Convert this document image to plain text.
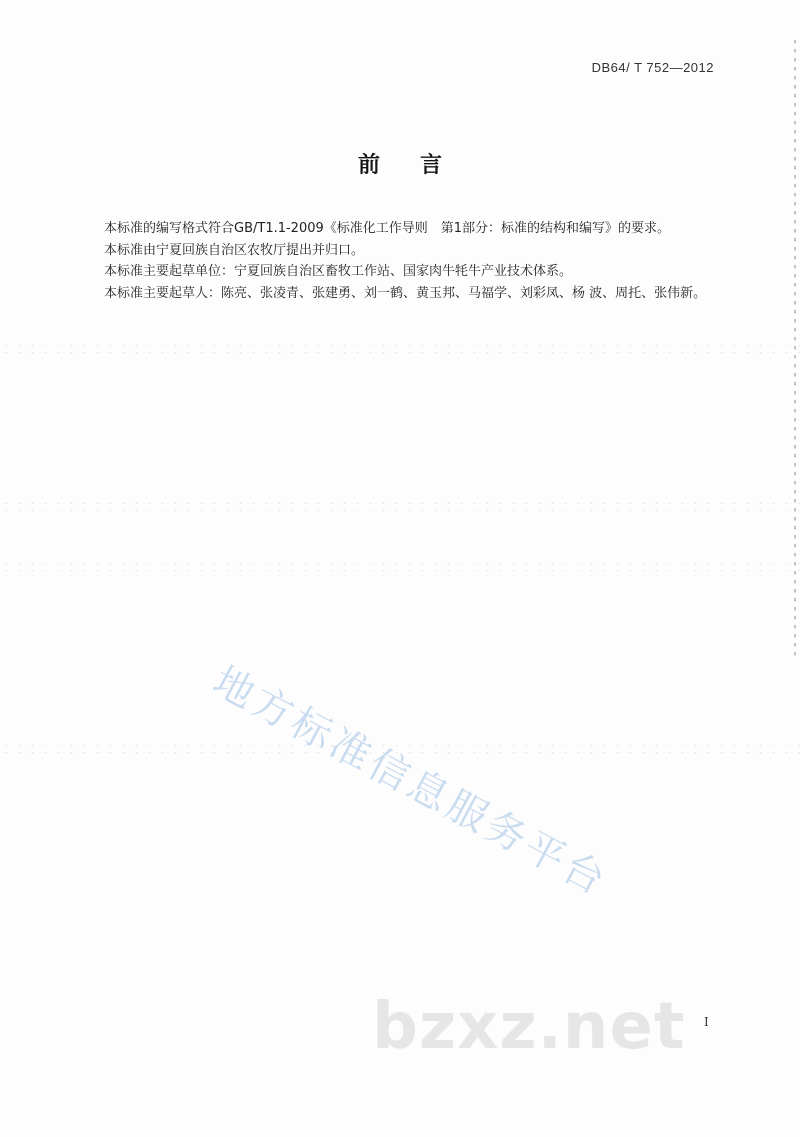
DB64/ T 752—2012
前 言

本标准的编写格式符合GB/T1.1-2009《标准化工作导则　第1部分：标准的结构和编写》的要求。

本标准由宁夏回族自治区农牧厅提出并归口。

本标准主要起草单位：宁夏回族自治区畜牧工作站、国家肉牛牦牛产业技术体系。

本标准主要起草人：陈亮、张凌青、张建勇、刘一鹤、黄玉邦、马福学、刘彩凤、杨 波、周托、张伟新。

地方标准信息服务平台
bzxz.net I
